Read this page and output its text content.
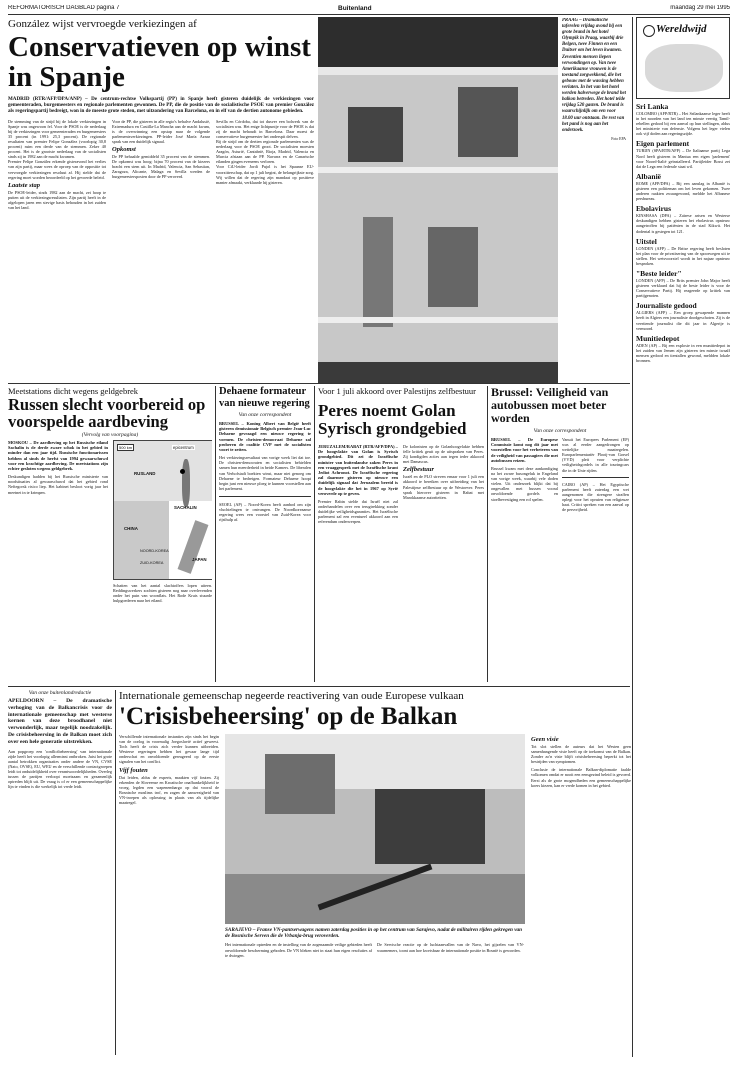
REFORMATORISCH DAGBLAD pagina 7	Buitenland	maandag 29 mei 1995
González wijst vervroegde verkiezingen af
Conservatieven op winst in Spanje
MADRID (RTR/AFP/DPA/ANP) – De centrum-rechtse Volkspartij (PP) in Spanje heeft gisteren duidelijk de verkiezingen voor gemeenteraden, burgemeesters en regionale parlementen gewonnen. De PP, die de positie van de socialistische PSOE van premier González als regeringspartij bedreigt, won in de meeste grote steden, met uitzondering van Barcelona, en in elf van de dertien autonome gebieden.
De stemming van de strijd bij de lokale verkiezingen in Spanje was ongewoon fel. Voor de PSOE is de nederlaag bij de verkiezingen voor gemeenteraden en burgemeesters 35 procent (in 1991: 25,3 procent). De regionale resultaten van premier Felipe González (voorlopig 30,8 procent) ruim een derde van de stemmen. Zeker 40 procent. Het is de grootste nederlaag van de socialisten sinds zij in 1982 aan de macht kwamen.
Premier Felipe González erkende gisteravond het verlies van zijn partij, maar wees de oproep van de oppositie tot vervroegde verkiezingen resoluut af. Hij stelde dat de regering moet worden beoordeeld op het gevoerde beleid.
Laatste stap
De PSOE-leider, sinds 1982 aan de macht, zei hoop te putten uit de verkiezingsresultaten. Zijn partij heeft in de afgelopen jaren een stevige basis behouden in het zuiden van het land.
Voor de PP, die gisteren in alle regio's behalve Andalusië, Extremadura en Castilla-La Mancha aan de macht kwam, is de overwinning een opstap naar de volgende parlementsverkiezingen. PP-leider José María Aznar sprak van een duidelijk signaal.
Opkomst
De PP behaalde gemiddeld 35 procent van de stemmen. De opkomst was hoog: bijna 70 procent van de kiezers bracht een stem uit. In Madrid, Valencia, San Sebastian, Zaragoza, Alicante, Malaga en Sevilla werden de burgemeestersposten door de PP veroverd.
Sevilla en Córdoba, dat tot dusver een bolwerk van de socialisten was. Het enige lichtpuntje voor de PSOE is dat zij de macht behoudt in Barcelona. Daar moest de conservatieve burgemeester het onderspit delven.
Bij de strijd om de dertien regionale parlementen was de nederlaag voor de PSOE groot. De socialisten moesten Aragón, Asturië, Cantabrië, Rioja, Madrid, Valencia en Murcia afstaan aan de PP. Navarra en de Canarische eilanden gingen eveneens verloren.
Voor CiU-leider Jordi Pujol is het Spaanse EU-voorzitterschap, dat op 1 juli begint, de belangrijkste zorg. Wij willen dat de regering zijn mandaat op positieve manier afmaakt, verklaarde hij gisteren.
PRAAG – Dramatische taferelen vrijdag avond bij een grote brand in het hotel Olympik in Praag, waarbij drie Belgen, twee Finnen en een Duitser om het leven kwamen. Zeventien mensen liepen verwondingen op. Van twee Amerikaanse vrouwen is de toestand zorgwekkend, die het gebouw met de wassing hebben verlaten. In het van het hotel werden halverwege de brand het balkon betreden. Het hotel telde vrijdag 520 gasten. De brand is waarschijnlijk om een voor 18.00 uur ontstaan. De rest van het pand is nog aan het onderzoek.
Foto EPA
Wereldwijd
Sri Lanka
COLOMBO (AFP/RTR) – Het Srilankaanse leger heeft in het noorden van het land ten minste veertig Tamil-rebellen gedood bij een aanval op hun stellingen, aldus het ministerie van defensie. Volgens het leger vielen ook vijf doden aan regeringszijde.
Eigen parlement
TURIJN (SPA/RTR/AFP) – De Italiaanse partij Lega Nord heeft gisteren in Mantua een eigen 'parlement' voor Noord-Italië geïnstalleerd. Partijleider Bossi zei dat de Lega een federale staat wil.
Albanië
ROME (AFP/DPA) – Bij een aanslag in Albanië is gisteren een politieman om het leven gekomen. Twee anderen raakten zwaargewond, meldde het Albanese persbureau.
Ebolavirus
KINSHASA (DPA) – Zaïrese artsen en Westerse deskundigen hebben gisteren het ebolavirus opnieuw aangetroffen bij patiënten in de stad Kikwit. Het dodental is gestegen tot 121.
Uitstel
LONDEN (AFP) – De Britse regering heeft besloten het plan voor de privatisering van de spoorwegen uit te stellen. Het wetsvoorstel wordt in het najaar opnieuw besproken.
"Beste leider"
LONDEN (AFP) – De Brits premier John Major heeft gisteren verklaard dat hij de beste leider is voor de Conservatieve Partij. Hij reageerde op kritiek van partijgenoten.
Journaliste gedood
ALGIERS (AFP) – Een groep gewapende mannen heeft in Algiers een journaliste doodgeschoten. Zij is de veertiende journalist die dit jaar in Algerije is vermoord.
Munitiedepot
ADEN (AP) – Bij een explosie in een munitiedepot in het zuiden van Jemen zijn gisteren ten minste twaalf mensen gedood en tientallen gewond, meldden lokale bronnen.
Meetstations dicht wegens geldgebrek
Russen slecht voorbereid op voorspelde aardbeving
(Vervolg van voorpagina)
MOSKOU – De aardbeving op het Russische eiland Sachalin is de derde zware schok in het gebied in minder dan een jaar tijd. Russische functionarissen hebben al sinds de herfst van 1994 gewaarschuwd voor een krachtige aardbeving. De meetstations zijn echter gesloten wegens geldgebrek.
Deskundigen hadden bij het Russische ministerie van noodsituaties al gewaarschuwd dat het gebied rond Neftegorsk risico liep. Het kabinet besloot vorig jaar het meetnet in te krimpen.
500 km	epicentrum
RUSLAND
SACHALIN
CHINA
NOORD-KOREA
ZUID-KOREA
JAPAN
Schatten van het aantal slachtoffers lopen uiteen. Reddingswerkers zochten gisteren nog naar overlevenden onder het puin van woonflats. Het Rode Kruis stuurde hulpgoederen naar het eiland.
Dehaene formateur van nieuwe regering
Van onze correspondent
BRUSSEL – Koning Albert van België heeft gisteren demissionair Belgisch premier Jean-Luc Dehaene gevraagd een nieuwe regering te vormen. De christen-democraat Dehaene zal proberen de coalitie CVP met de socialisten voort te zetten.
Het verkiezingsresultaat van vorige week liet dat toe. De christen-democraten en socialisten behielden samen hun meerderheid in beide Kamers. De liberalen van Verhofstadt boekten winst, maar niet genoeg om Dehaene te bedreigen. Formateur Dehaene hoopt begin juni een nieuwe ploeg te kunnen voorstellen aan het parlement.
SEOEL (AP) – Noord-Korea heeft aanbod om zijn vluchtelingen te ontvangen. De Noordkoreaanse regering wees een voorstel van Zuid-Korea voor rijsthulp af.
Voor 1 juli akkoord over Palestijns zelfbestuur
Peres noemt Golan Syrisch grondgebied
JERUZALEM/RABAT (RTR/AFP/DPA) – De hoogvlakte van Golan is Syrisch grondgebied. Dit zei de Israëlische minister van buitenlandse zaken Peres in een vraaggesprek met de Israëlische krant Jediot Achronot. De Israëlische regering zal daarmee gisteren op nieuwe een duidelijk signaal dat Jeruzalem bereid is de hoogvlakte die het in 1967 op Syrië veroverde op te geven.
Premier Rabin stelde dat Israël niet zal onderhandelen over een terugtrekking zonder duidelijke veiligheidsgaranties. Het Israëlische parlement zal een eventueel akkoord aan een referendum onderwerpen.
De kolonisten op de Golanhoogvlakte hebben felle kritiek geuit op de uitspraken van Peres. Zij kondigden acties aan tegen ieder akkoord met Damascus.
Zelfbestuur
Israël en de PLO streven ernaar voor 1 juli een akkoord te bereiken over uitbreiding van het Palestijnse zelfbestuur op de Westoever. Peres sprak hierover gisteren in Rabat met Marokkaanse autoriteiten.
Brussel: Veiligheid van autobussen moet beter worden
Van onze correspondent
BRUSSEL – De Europese Commissie komt nog dit jaar met voorstellen voor het verbeteren van de veiligheid van passagiers die met autobussen reizen.
Brussel kwam met deze aankondiging na het zware busongeluk in Engeland van vorige week, waarbij vele doden vielen. Uit onderzoek blijkt dat bij ongevallen met bussen vooral onvoldoende gordels en stoelbevestiging een rol spelen.
Vanuit het Europees Parlement (EP) was al eerder aangedrongen op wettelijke maatregelen. Europarlementariër Plooij-van Gorsel (VVD) pleit voor verplichte veiligheidsgordels in alle touringcars die in de Unie rijden.
CAIRO (AP) – Het Egyptische parlement heeft zaterdag een wet aangenomen die strengere straffen oplegt voor het opruien van religieuze haat. Critici spreken van een aanval op de persvrijheid.
Van onze buitenlandredactie
APELDOORN – De dramatische verhoging van de Balkancrisis voor de internationale gemeenschap met westerse kernen van deze broodhanel niet verwonderlijk, maar tegelijk noodzakelijk. De crisisbeheersing in de Balkan moet zich over een hele generatie uitstrekken.
Aan popgroep een 'conflictbeheersing' van internationale zijde heeft het voorlopig allerminst ontbroken. Juist het grote aantal betrokken organisaties onder andere de VN, CVSE (Nato, OVSE), EU, WEU en de verschillende contactgroepen leidt tot onduidelijkheid over verantwoordelijkheden. Overleg tussen de partijen verloopt moeizaam en gezamenlijk optreden blijft uit. De vraag is of er een gemeenschappelijke lijn te vinden is die werkelijk tot vrede leidt.
Internationale gemeenschap negeerde reactivering van oude Europese vulkaan
'Crisisbeheersing' op de Balkan
Verschillende internationale instanties zijn sinds het begin van de oorlog in voormalig Joegoslavië actief geweest. Toch heeft de crisis zich verder kunnen uitbreiden. Westerse regeringen hebben het gevaar lange tijd onderschat en onvoldoende gereageerd op de eerste signalen van het conflict.
Vijf fouten
Dat leiden, aldus de experts, maakten vijf fouten. Zij erkenden de Sloveense en Kroatische onafhankelijkheid te vroeg, legden een wapenembargo op dat vooral de Bosnische moslims trof, en zagen de aanwezigheid van VN-troepen als oplossing in plaats van als tijdelijke maatregel.
SARAJEVO – Franse VN-pantserwagens namen zaterdag posities in op het centrum van Sarajevo, nadat de militairen rijden gekregen van de Bosnische Serven die de Vrbanja-brug veroverden.
Het internationale optreden en de instelling van de zogenaamde veilige gebieden heeft onvoldoende bescherming geboden. De VN bleken niet in staat hun eigen resoluties af te dwingen.
De Servische reactie op de luchtaanvallen van de Navo, het gijzelen van VN-waarnemers, toont aan hoe kwetsbaar de internationale positie in Bosnië is geworden.
Geen visie
Tot slot stellen de auteurs dat het Westen geen samenhangende visie heeft op de toekomst van de Balkan. Zonder zo'n visie blijft crisisbeheersing beperkt tot het bestrijden van symptomen.
Conclusie de internationale Balkan-diplomatie faalde volkomen omdat er nooit een eensgezind beleid is gevoerd. Eerst als de grote mogendheden een gemeenschappelijke koers kiezen, kan er vrede komen in het gebied.
